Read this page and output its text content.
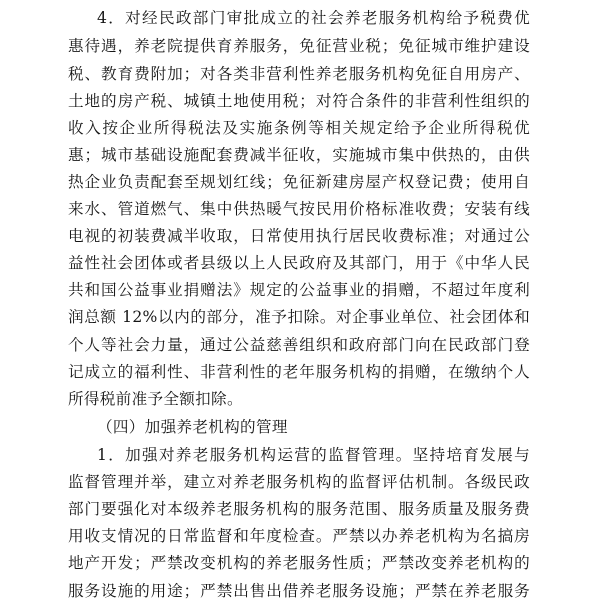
4．对经民政部门审批成立的社会养老服务机构给予税费优
惠待遇，养老院提供育养服务，免征营业税；免征城市维护建设
税、教育费附加；对各类非营利性养老服务机构免征自用房产、
土地的房产税、城镇土地使用税；对符合条件的非营利性组织的
收入按企业所得税法及实施条例等相关规定给予企业所得税优
惠；城市基础设施配套费减半征收，实施城市集中供热的，由供
热企业负责配套至规划红线；免征新建房屋产权登记费；使用自
来水、管道燃气、集中供热暖气按民用价格标准收费；安装有线
电视的初装费减半收取，日常使用执行居民收费标准；对通过公
益性社会团体或者县级以上人民政府及其部门，用于《中华人民
共和国公益事业捐赠法》规定的公益事业的捐赠，不超过年度利
润总额 12%以内的部分，准予扣除。对企事业单位、社会团体和
个人等社会力量，通过公益慈善组织和政府部门向在民政部门登
记成立的福利性、非营利性的老年服务机构的捐赠，在缴纳个人
所得税前准予全额扣除。
（四）加强养老机构的管理
1．加强对养老服务机构运营的监督管理。坚持培育发展与
监督管理并举，建立对养老服务机构的监督评估机制。各级民政
部门要强化对本级养老服务机构的服务范围、服务质量及服务费
用收支情况的日常监督和年度检查。严禁以办养老机构为名搞房
地产开发；严禁改变机构的养老服务性质；严禁改变养老机构的
服务设施的用途；严禁出售出借养老服务设施；严禁在养老服务
